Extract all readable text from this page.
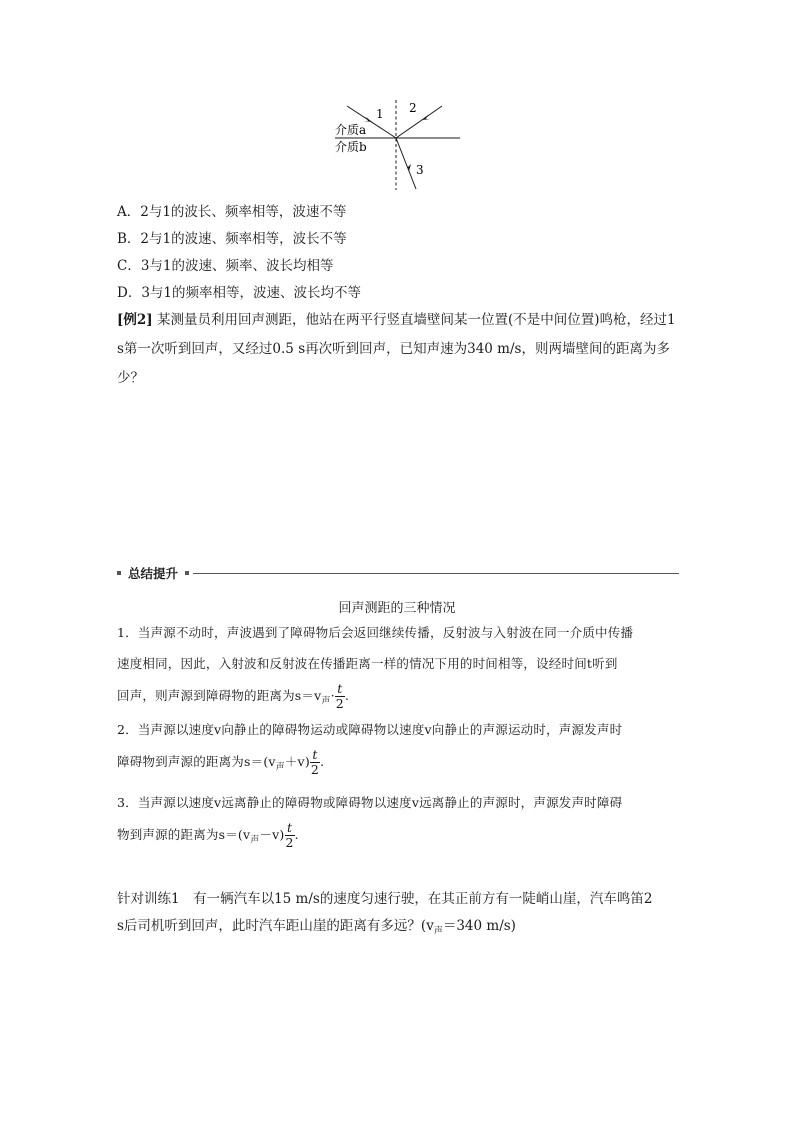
1 2
3
介质a
介质b
A．2与1的波长、频率相等，波速不等
B．2与1的波速、频率相等，波长不等
C．3与1的波速、频率、波长均相等
D．3与1的频率相等，波速、波长均不等
[例2] 某测量员利用回声测距，他站在两平行竖直墙壁间某一位置(不是中间位置)鸣枪，经过1 s第一次听到回声，又经过0.5 s再次听到回声，已知声速为340 m/s，则两墙壁间的距离为多少？
总结提升
回声测距的三种情况
1．当声源不动时，声波遇到了障碍物后会返回继续传播，反射波与入射波在同一介质中传播
速度相同，因此，入射波和反射波在传播距离一样的情况下用的时间相等，设经时间t听到
回声，则声源到障碍物的距离为$s=v_声\cdot \frac{t}{2}$ .
2．当声源以速度v向静止的障碍物运动或障碍物以速度v向静止的声源运动时，声源发声时
障碍物到声源的距离为$s=(v_声+v) \frac{t}{2}$ .
3．当声源以速度v远离静止的障碍物或障碍物以速度v远离静止的声源时，声源发声时障碍
物到声源的距离为$s=(v_声-v) \frac{t}{2}$ .
针对训练1　有一辆汽车以15 m/s的速度匀速行驶，在其正前方有一陡峭山崖，汽车鸣笛2
s后司机听到回声，此时汽车距山崖的距离有多远？($v_声=340$ m/s)
